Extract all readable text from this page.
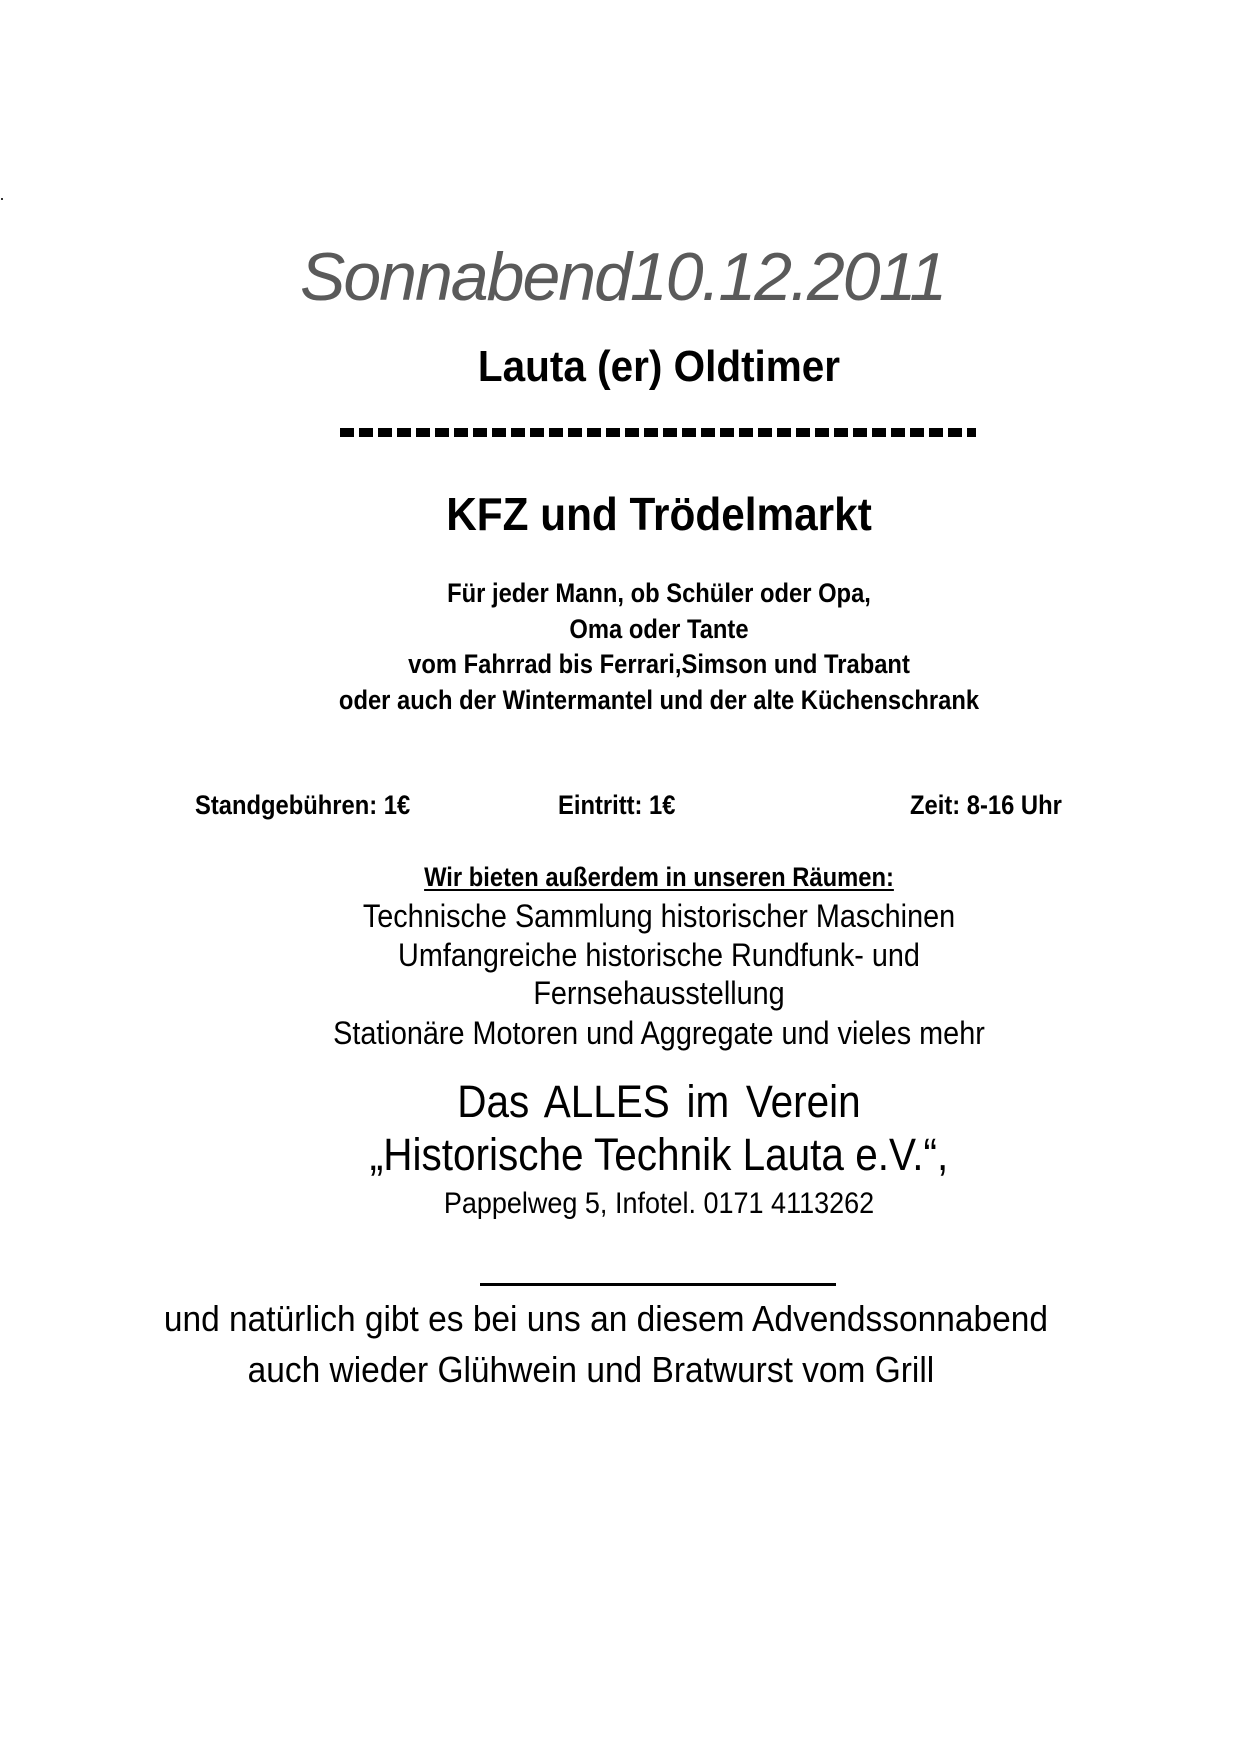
Sonnabend10.12.2011
Lauta (er) Oldtimer
KFZ und Trödelmarkt
Für jeder Mann, ob Schüler oder Opa,
Oma oder Tante
vom Fahrrad bis Ferrari,Simson und Trabant
oder auch der Wintermantel und der alte Küchenschrank
Standgebühren: 1€	Eintritt: 1€	Zeit: 8-16 Uhr
Wir bieten außerdem in unseren Räumen:
Technische Sammlung historischer Maschinen
Umfangreiche historische Rundfunk- und
Fernsehausstellung
Stationäre Motoren und Aggregate und vieles mehr
Das ALLES im Verein
„Historische Technik Lauta e.V.“,
Pappelweg 5, Infotel. 0171 4113262
und natürlich gibt es bei uns an diesem Advendssonnabend
auch wieder Glühwein und Bratwurst vom Grill
